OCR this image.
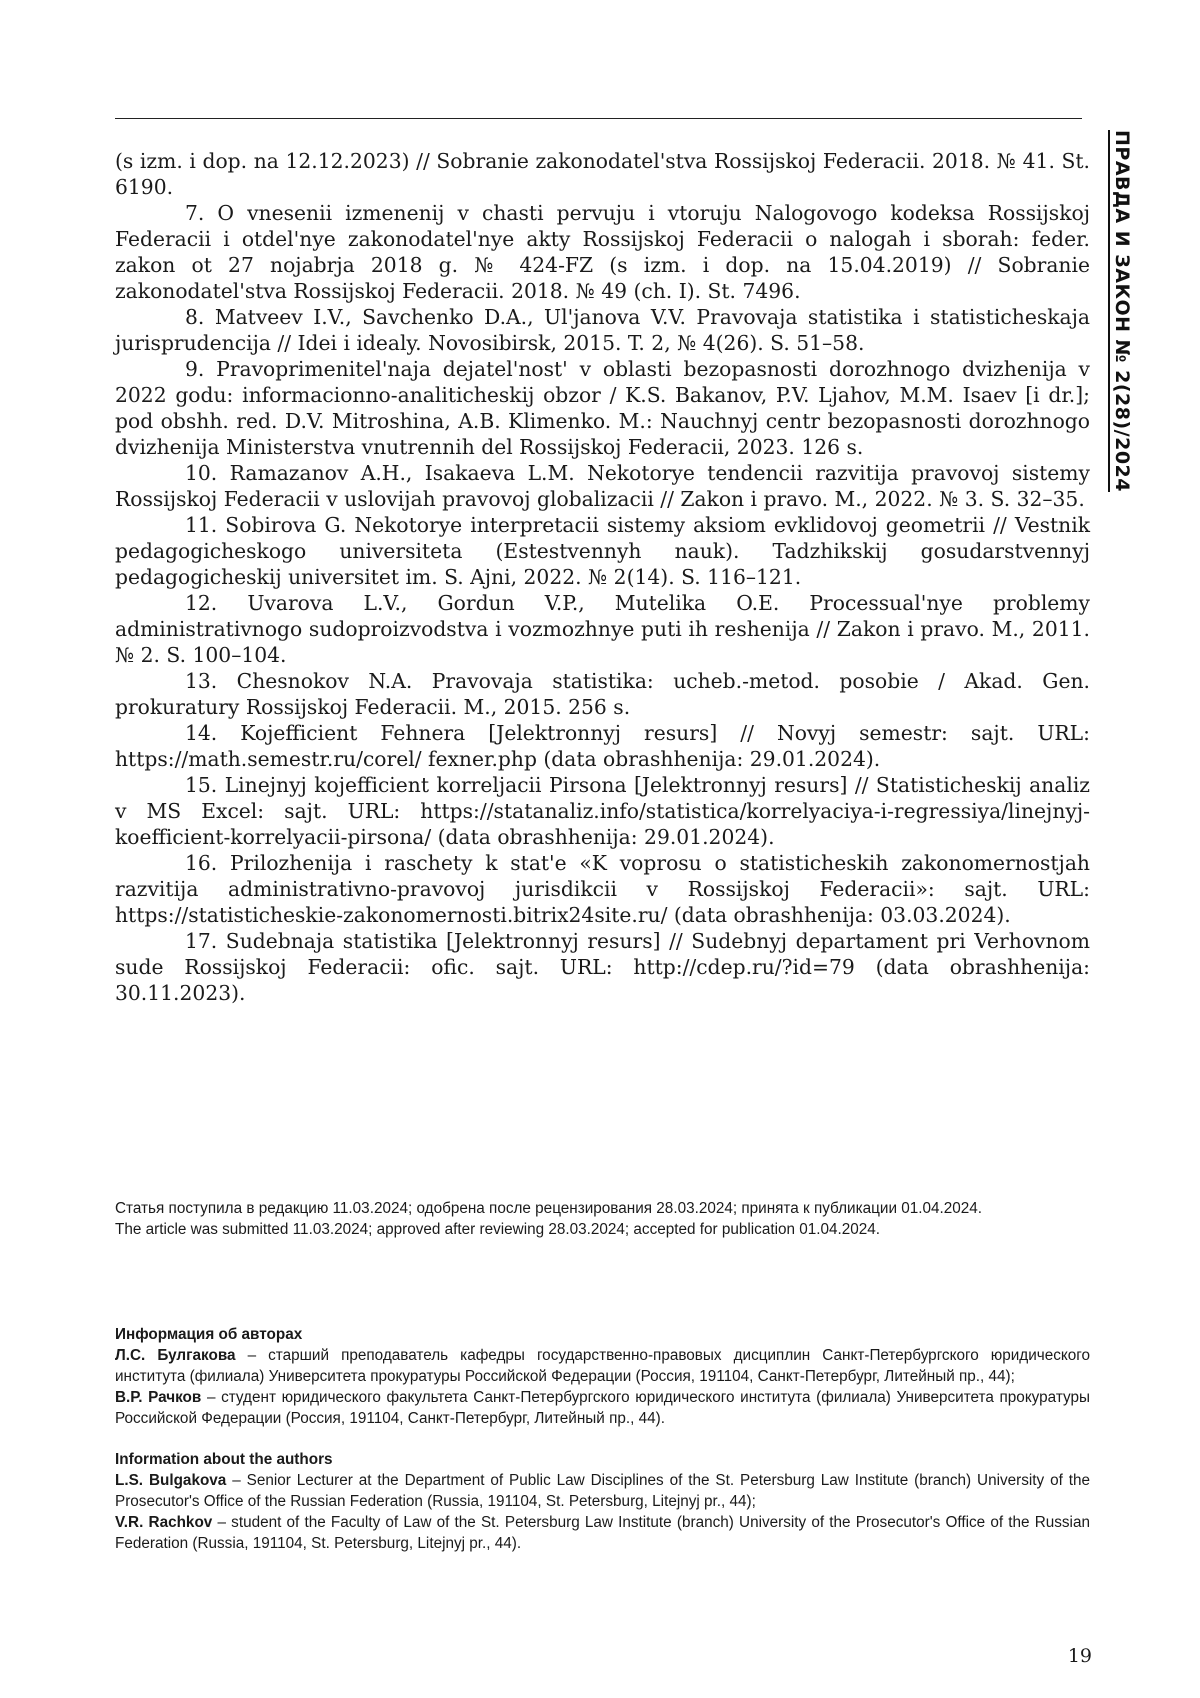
ПРАВДА И ЗАКОН № 2(28)/2024

(s izm. i dop. na 12.12.2023) // Sobranie zakonodatel'stva Rossijskoj Federacii. 2018. № 41. St. 6190.

7. O vnesenii izmenenij v chasti pervuju i vtoruju Nalogovogo kodeksa Rossijskoj Federacii i otdel'nye zakonodatel'nye akty Rossijskoj Federacii o nalogah i sborah: feder. zakon ot 27 nojabrja 2018 g. № 424-FZ (s izm. i dop. na 15.04.2019) // Sobranie zakonodatel'stva Rossijskoj Federacii. 2018. № 49 (ch. I). St. 7496.

8. Matveev I.V., Savchenko D.A., Ul'janova V.V. Pravovaja statistika i statisticheskaja jurisprudencija // Idei i idealy. Novosibirsk, 2015. T. 2, № 4(26). S. 51–58.

9. Pravoprimenitel'naja dejatel'nost' v oblasti bezopasnosti dorozhnogo dvizhenija v 2022 godu: informacionno-analiticheskij obzor / K.S. Bakanov, P.V. Ljahov, M.M. Isaev [i dr.]; pod obshh. red. D.V. Mitroshina, A.B. Klimenko. M.: Nauchnyj centr bezopasnosti dorozhnogo dvizhenija Ministerstva vnutrennih del Rossijskoj Federacii, 2023. 126 s.

10. Ramazanov A.H., Isakaeva L.M. Nekotorye tendencii razvitija pravovoj sistemy Rossijskoj Federacii v uslovijah pravovoj globalizacii // Zakon i pravo. M., 2022. № 3. S. 32–35.

11. Sobirova G. Nekotorye interpretacii sistemy aksiom evklidovoj geometrii // Vestnik pedagogicheskogo universiteta (Estestvennyh nauk). Tadzhikskij gosudarstvennyj pedagogicheskij universitet im. S. Ajni, 2022. № 2(14). S. 116–121.

12. Uvarova L.V., Gordun V.P., Mutelika O.E. Processual'nye problemy administrativnogo sudoproizvodstva i vozmozhnye puti ih reshenija // Zakon i pravo. M., 2011. № 2. S. 100–104.

13. Chesnokov N.A. Pravovaja statistika: ucheb.-metod. posobie / Akad. Gen. prokuratury Rossijskoj Federacii. M., 2015. 256 s.

14. Kojefficient Fehnera [Jelektronnyj resurs] // Novyj semestr: sajt. URL: https://math.semestr.ru/corel/ fexner.php (data obrashhenija: 29.01.2024).

15. Linejnyj kojefficient korreljacii Pirsona [Jelektronnyj resurs] // Statisticheskij analiz v MS Excel: sajt. URL: https://statanaliz.info/statistica/korrelyaciya-i-regressiya/linejnyj-koefficient-korrelyacii-pirsona/ (data obrashhenija: 29.01.2024).

16. Prilozhenija i raschety k stat'e «K voprosu o statisticheskih zakonomernostjah razvitija administrativno-pravovoj jurisdikcii v Rossijskoj Federacii»: sajt. URL: https://statisticheskie-zakonomernosti.bitrix24site.ru/ (data obrashhenija: 03.03.2024).

17. Sudebnaja statistika [Jelektronnyj resurs] // Sudebnyj departament pri Verhovnom sude Rossijskoj Federacii: ofic. sajt. URL: http://cdep.ru/?id=79 (data obrashhenija: 30.11.2023).

Статья поступила в редакцию 11.03.2024; одобрена после рецензирования 28.03.2024; принята к публикации 01.04.2024.

The article was submitted 11.03.2024; approved after reviewing 28.03.2024; accepted for publication 01.04.2024.

Информация об авторах

Л.С. Булгакова – старший преподаватель кафедры государственно-правовых дисциплин Санкт-Петербургского юридического института (филиала) Университета прокуратуры Российской Федерации (Россия, 191104, Санкт-Петербург, Литейный пр., 44);

В.Р. Рачков – студент юридического факультета Санкт-Петербургского юридического института (филиала) Университета прокуратуры Российской Федерации (Россия, 191104, Санкт-Петербург, Литейный пр., 44).

Information about the authors

L.S. Bulgakova – Senior Lecturer at the Department of Public Law Disciplines of the St. Petersburg Law Institute (branch) University of the Prosecutor's Office of the Russian Federation (Russia, 191104, St. Petersburg, Litejnyj pr., 44);

V.R. Rachkov – student of the Faculty of Law of the St. Petersburg Law Institute (branch) University of the Prosecutor's Office of the Russian Federation (Russia, 191104, St. Petersburg, Litejnyj pr., 44).

19
